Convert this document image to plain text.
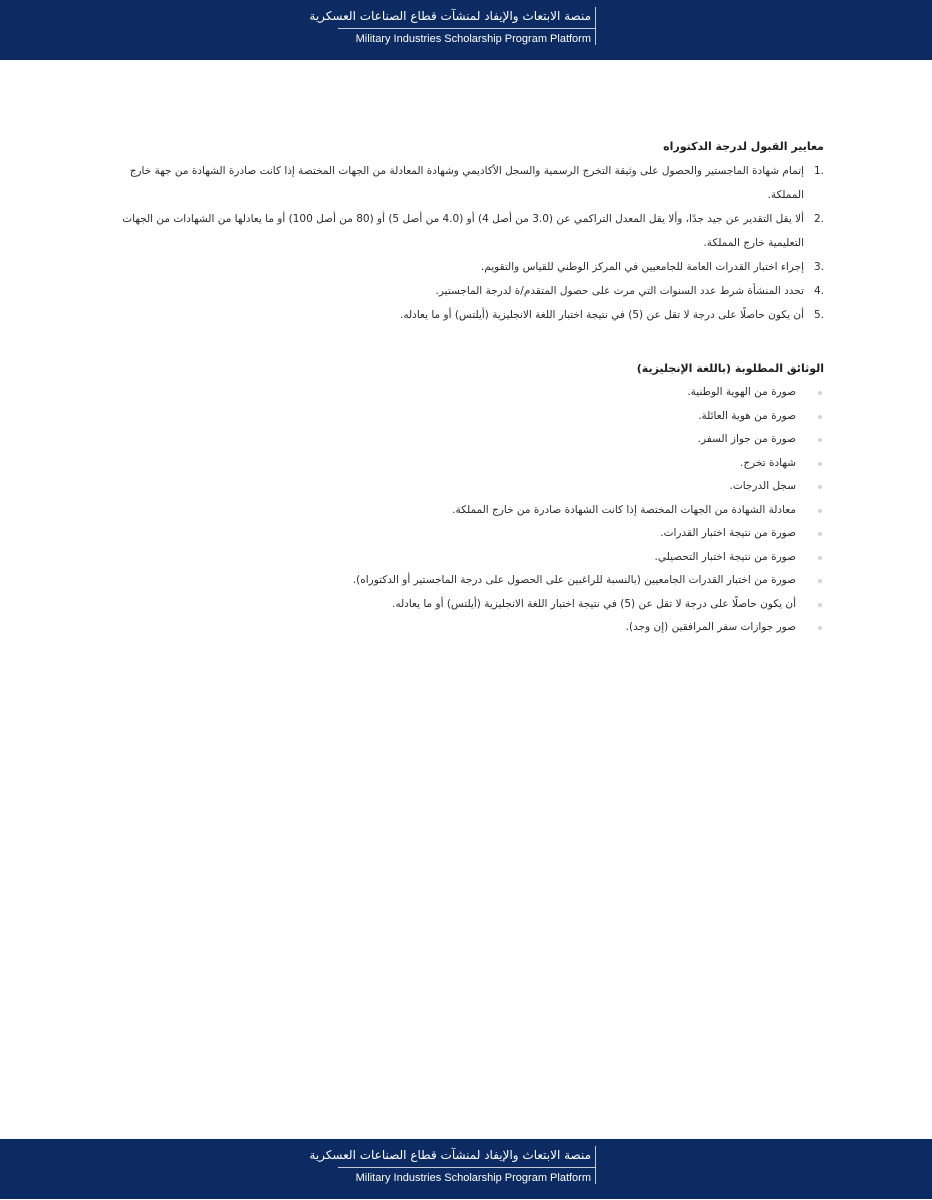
منصة الابتعاث والإيفاد لمنشآت قطاع الصناعات العسكرية
Military Industries Scholarship Program Platform
معايير القبول لدرجة الدكتوراه
1.
إتمام شهادة الماجستير والحصول على وثيقة التخرج الرسمية والسجل الأكاديمي وشهادة المعادلة من الجهات المختصة إذا كانت صادرة الشهادة من جهة خارج المملكة.
2.
ألا يقل التقدير عن جيد جدًا، وألا يقل المعدل التراكمي عن (3.0 من أصل 4) أو (4.0 من أصل 5) أو (80 من أصل 100) أو ما يعادلها من الشهادات من الجهات التعليمية خارج المملكة.
3.
إجراء اختبار القدرات العامة للجامعيين في المركز الوطني للقياس والتقويم.
4.
تحدد المنشأة شرط عدد السنوات التي مرت على حصول المتقدم/ة لدرجة الماجستير.
5.
أن يكون حاصلًا على درجة لا تقل عن (5) في نتيجة اختبار اللغة الانجليزية (أيلتس) أو ما يعادله.
الوثائق المطلوبة (باللغة الإنجليزية)
صورة من الهوية الوطنية.
صورة من هوية العائلة.
صورة من جواز السفر.
شهادة تخرج.
سجل الدرجات.
معادلة الشهادة من الجهات المختصة إذا كانت الشهادة صادرة من خارج المملكة.
صورة من نتيجة اختبار القدرات.
صورة من نتيجة اختبار التحصيلي.
صورة من اختبار القدرات الجامعيين (بالنسبة للراغبين على الحصول على درجة الماجستير أو الدكتوراه).
أن يكون حاصلًا على درجة لا تقل عن (5) في نتيجة اختبار اللغة الانجليزية (أيلتس) أو ما يعادله.
صور جوازات سفر المرافقين (إن وجد).
منصة الابتعاث والإيفاد لمنشآت قطاع الصناعات العسكرية
Military Industries Scholarship Program Platform
